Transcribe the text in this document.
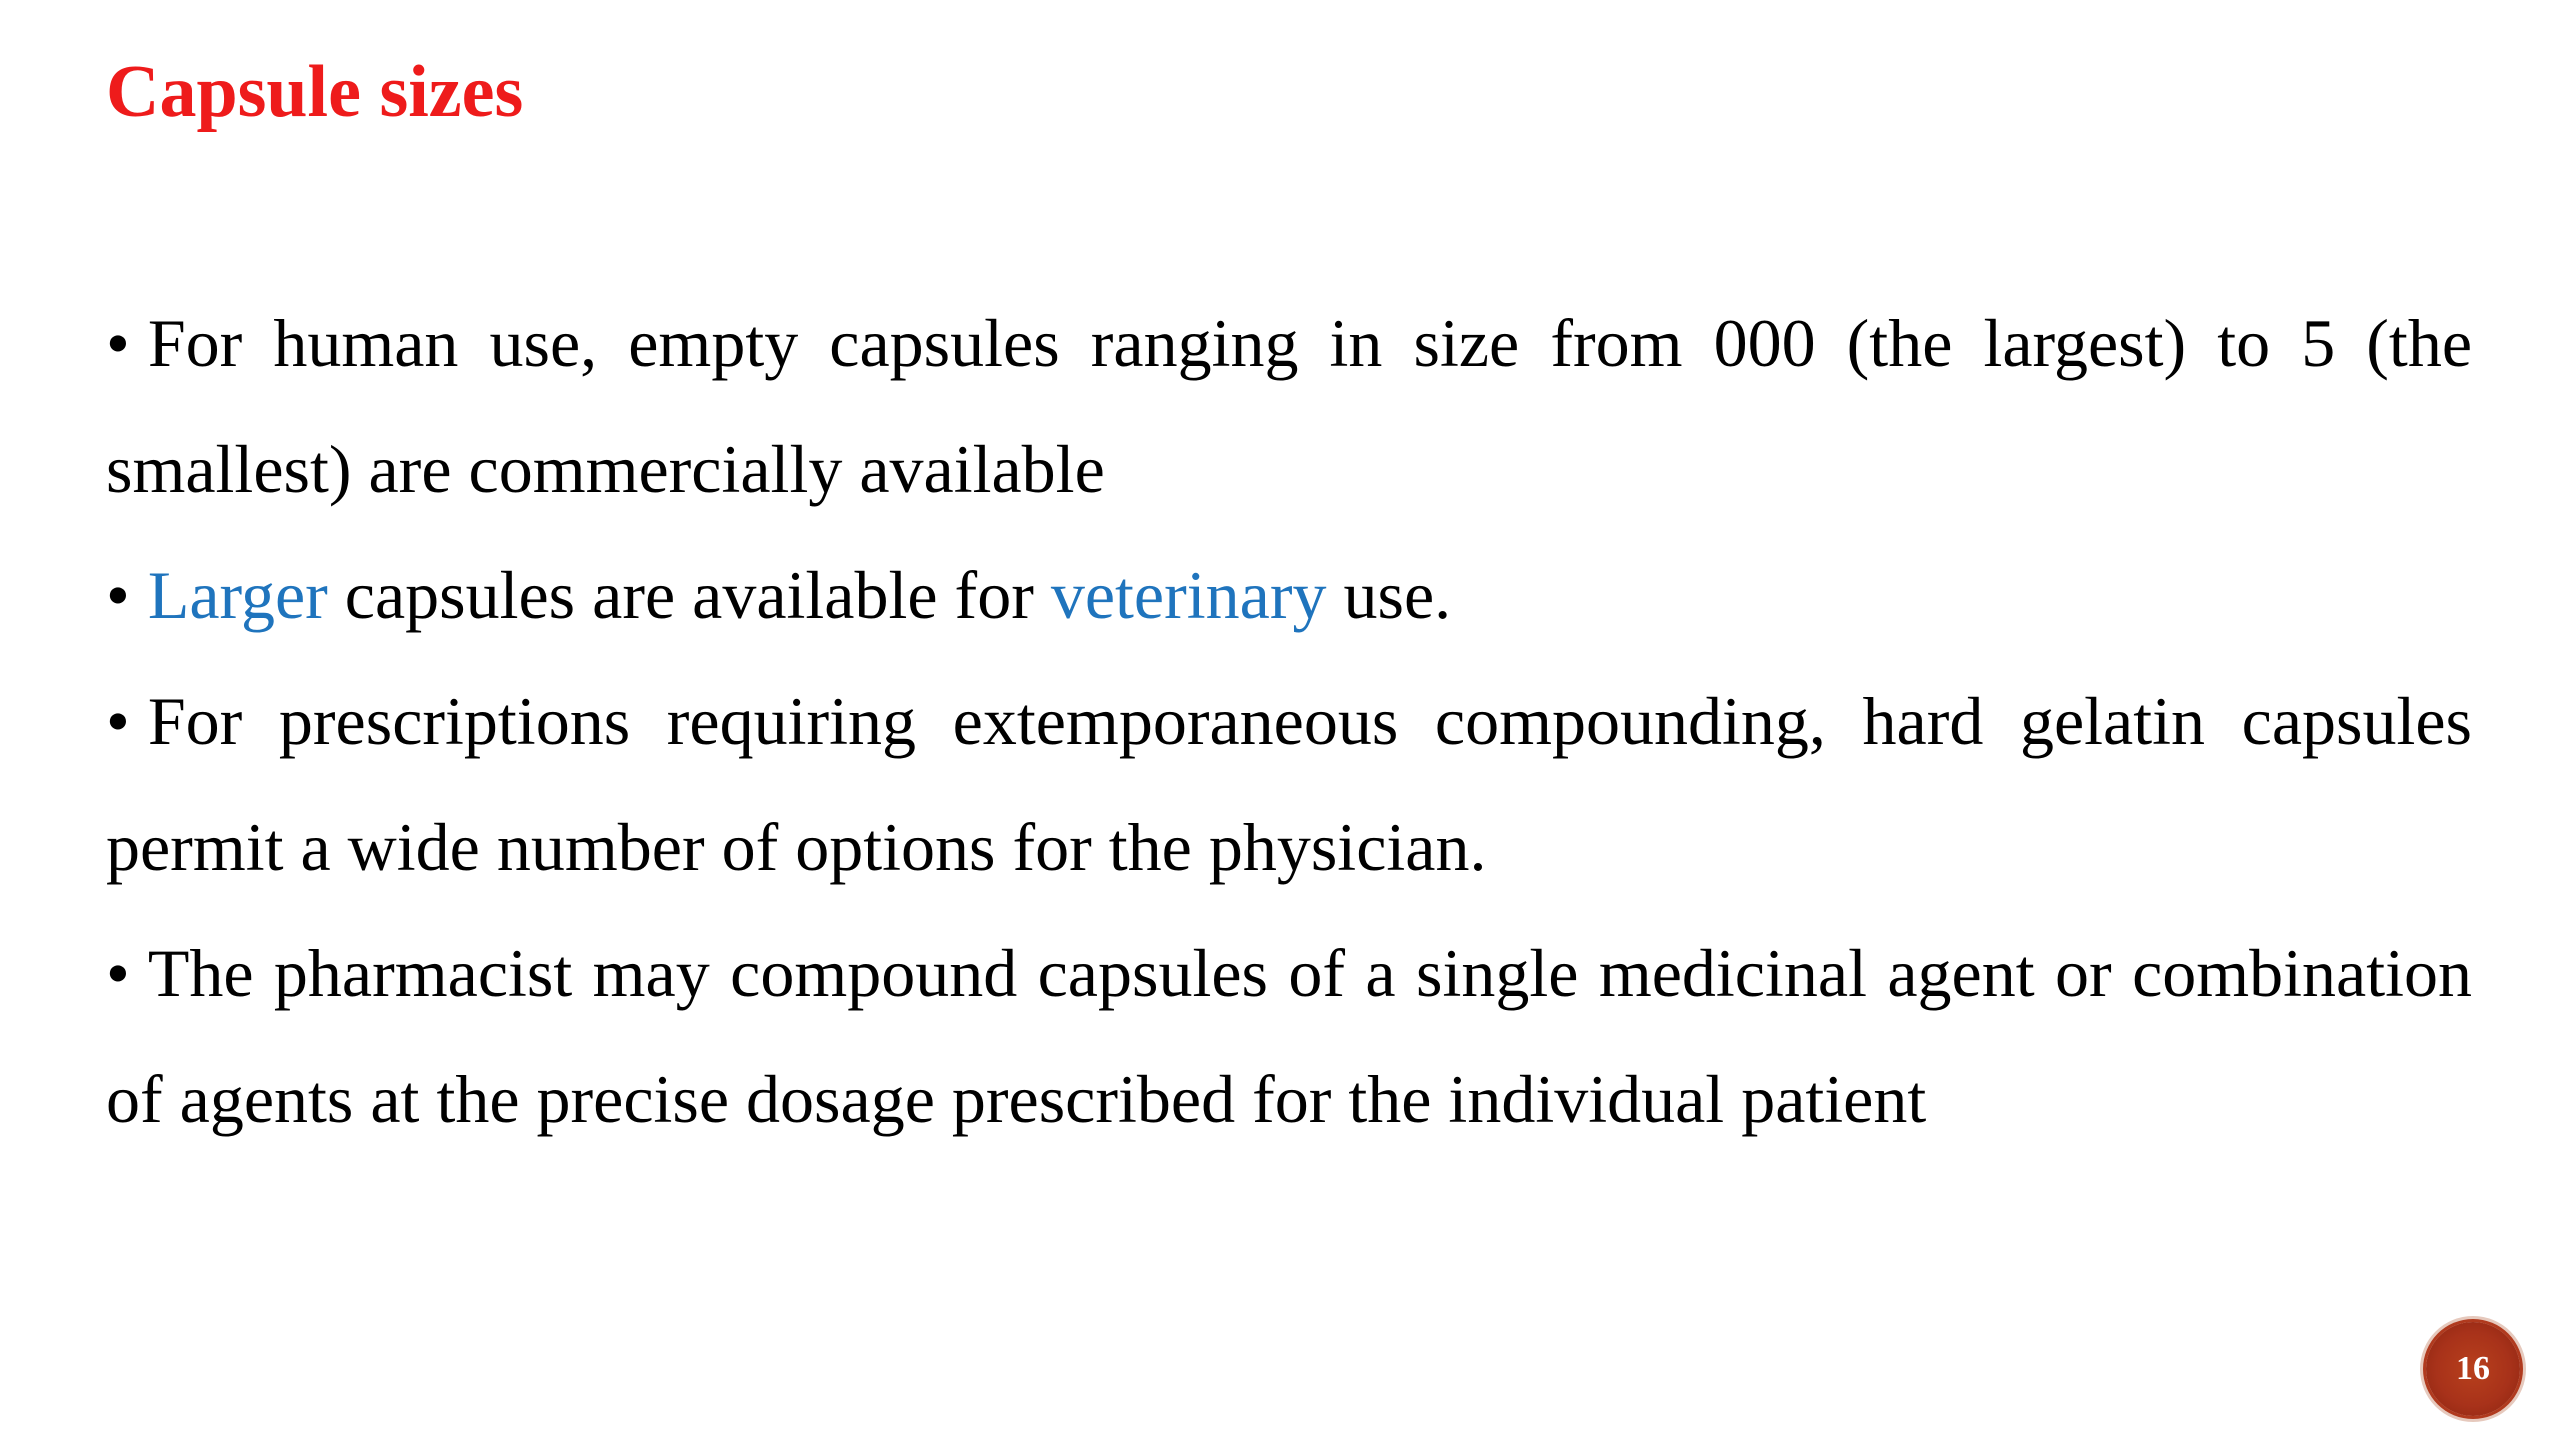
Capsule sizes

• For human use, empty capsules ranging in size from 000 (the largest) to 5 (the smallest) are commercially available

• Larger capsules are available for veterinary use.

• For prescriptions requiring extemporaneous compounding, hard gelatin capsules permit a wide number of options for the physician.

• The pharmacist may compound capsules of a single medicinal agent or combination of agents at the precise dosage prescribed for the individual patient

16
